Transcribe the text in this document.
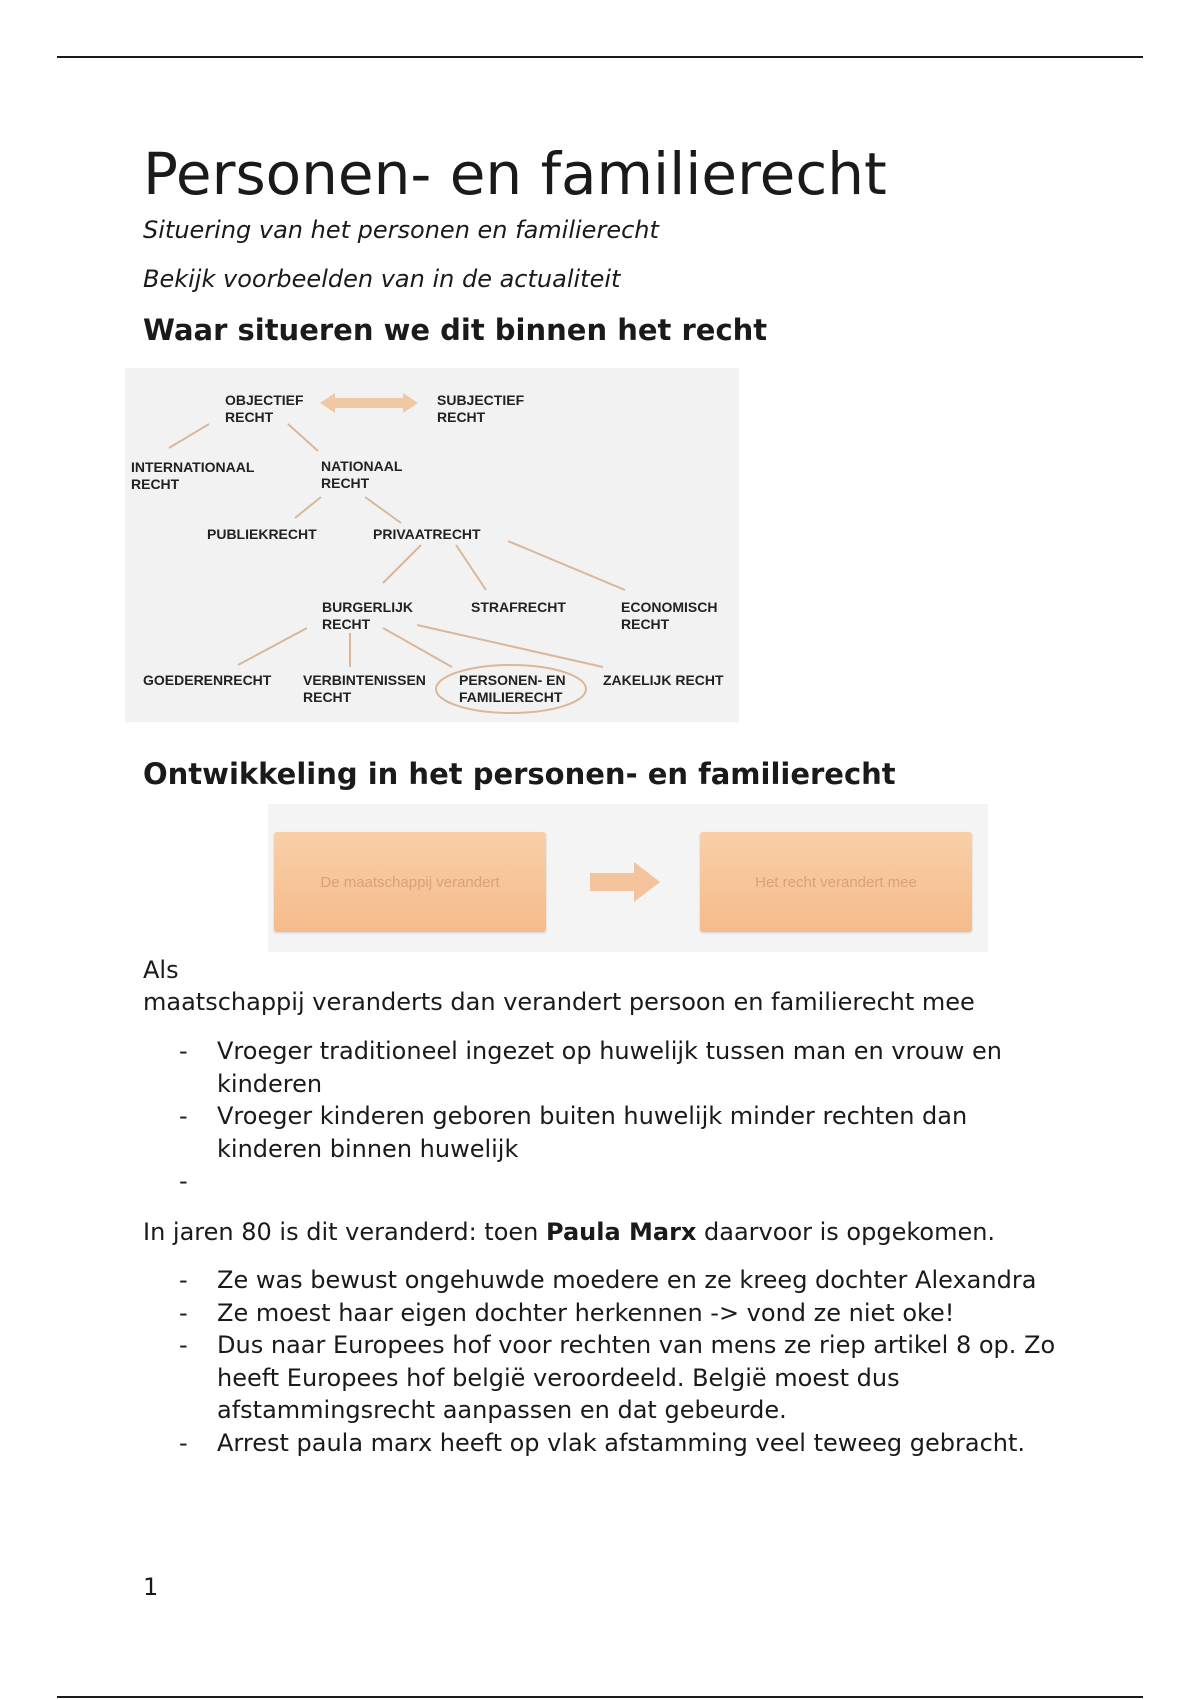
Personen- en familierecht

Situering van het personen en familierecht

Bekijk voorbeelden van in de actualiteit

Waar situeren we dit binnen het recht
Ontwikkeling in het personen- en familierecht

Als
maatschappij veranderts dan verandert persoon en familierecht mee

- Vroeger traditioneel ingezet op huwelijk tussen man en vrouw en kinderen
- Vroeger kinderen geboren buiten huwelijk minder rechten dan kinderen binnen huwelijk
-

In jaren 80 is dit veranderd: toen Paula Marx daarvoor is opgekomen.

- Ze was bewust ongehuwde moedere en ze kreeg dochter Alexandra
- Ze moest haar eigen dochter herkennen -> vond ze niet oke!
- Dus naar Europees hof voor rechten van mens ze riep artikel 8 op. Zo heeft Europees hof belgië veroordeeld. België moest dus afstammingsrecht aanpassen en dat gebeurde.
- Arrest paula marx heeft op vlak afstamming veel teweeg gebracht.
1
OBJECTIEF
RECHT
SUBJECTIEF
RECHT
INTERNATIONAAL
RECHT
NATIONAAL
RECHT
PUBLIEKRECHT	PRIVAATRECHT
BURGERLIJK
RECHT
STRAFRECHT	ECONOMISCH
RECHT
GOEDERENRECHT VERBINTENISSEN
RECHT
PERSONEN- EN
FAMILIERECHT
ZAKELIJK RECHT
De maatschappij verandert	Het recht verandert mee
